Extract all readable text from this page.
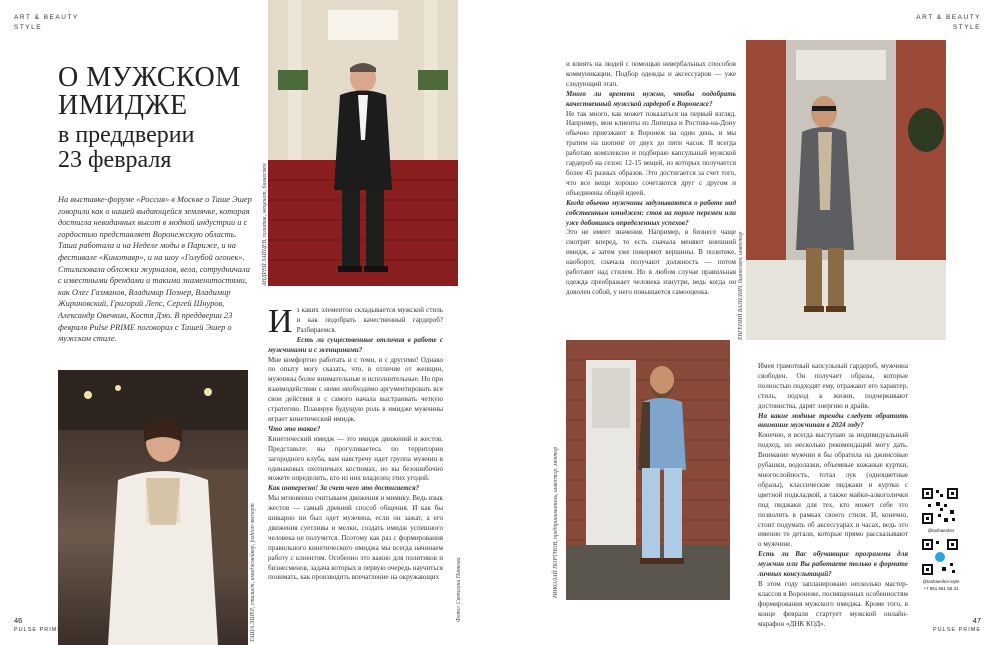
ART & BEAUTY
STYLE
ART & BEAUTY
STYLE
О МУЖСКОМ
ИМИДЖЕ
в преддверии
23 февраля
На выставке-форуме «Россия» в Москве о Таше Эшер говорили как о нашей выдающейся землячке, которая достигла невиданных высот в модной индустрии и с гордостью представляет Воронежскую область. Таша работала и на Неделе моды в Париже, и на фестивале «Кинотавр», и на шоу «Голубой огонек». Стилизовала обложки журналов, вела, сотрудничала с известными брендами и такими знаменитостями, как Олег Газманов, Владимир Познер, Владимир Жириновский, Григорий Лепс, Сергей Шнуров, Александр Овечкин, Костя Дзю. В преддверии 23 февраля Pulse PRIME поговорил с Ташей Эшер о мужском стиле.
ТАША ЭШЕР, стилист, имиджмейкер, fashion-эксперт
АНДРЕЙ ЗАЙЦЕВ, политик, меценат, бизнесмен

Из каких элементов складывается мужской стиль и как подобрать качественный гардероб? Разбираемся.

Есть ли существенные отличия в работе с мужчинами и с женщинами?

Мне комфортно работать и с теми, и с другими! Однако по опыту могу сказать, что, в отличие от женщин, мужчины более внимательные и исполнительные. Но при взаимодействии с ними необходимо аргументировать все свои действия и с самого начала выстраивать четкую стратегию. Планируя будущую роль в имидже мужчины играет кинетический имидж.

Что это такое?

Кинетический имидж — это имидж движений и жестов. Представьте: вы прогуливаетесь по территории загородного клуба, вам навстречу идет группа мужчин в одинаковых охотничьих костюмах, но вы безошибочно можете определить, кто из них владелец этих угодий.

Как интересно! За счет чего это достигается?

Мы мгновенно считываем движения и мимику. Ведь язык жестов — самый древний способ общения. И как бы шикарно ни был одет мужчина, если он зажат, а его движения суетливы и мелки, создать имидж успешного человека не получится. Поэтому как раз с формирования правильного кинетического имиджа мы всегда начинаем работу с клиентом. Особенно это важно для политиков и бизнесменов, задача которых в первую очередь научиться понимать, как производить впечатление на окружающих	Фото: Светлана Панкова

и влиять на людей с помощью невербальных способов коммуникации. Подбор одежды и аксессуаров — уже следующий этап.

Много ли времени нужно, чтобы подобрать качественный мужской гардероб в Воронеже?

Не так много, как может показаться на первый взгляд. Например, мои клиенты из Липецка и Ростова-на-Дону обычно приезжают в Воронеж на один день, и мы тратим на шопинг от двух до пяти часов. Я всегда работаю комплексно и подбираю капсульный мужской гардероб на сезон: 12-15 вещей, из которых получается более 45 разных образов. Это достигается за счет того, что все вещи хорошо сочетаются друг с другом и объединены общей идеей.

Когда обычно мужчины задумываются о работе над собственным имиджем: стоя на пороге перемен или уже добившись определенных успехов?

Это не имеет значения. Например, в бизнесе чаще смотрят вперед, то есть сначала меняют внешний имидж, а затем уже покоряют вершины. В политике, наоборот, сначала получают должность — потом работают над стилем. Но в любом случае правильная одежда преображает человека изнутри, ведь когда он доволен собой, у него повышается самооценка.

НИКОЛАЙ ПОРТНОВ, предприниматель, инвестор, ментор
ЕВГЕНИЙ ВАЗИЛИН, бизнесмен, инвестор

Имея грамотный капсульный гардероб, мужчина свободен. Он получает образы, которые полностью подходят ему, отражают его характер, стиль, подход к жизни, подчеркивают достоинства, дарят энергию и драйв.

На какие модные тренды следует обратить внимание мужчинам в 2024 году?

Конечно, я всегда выступаю за индивидуальный подход, но несколько рекомендаций могу дать. Внимание мужчин я бы обратила на джинсовые рубашки, водолазки, объемные кожаные куртки, многослойность, тотал лук (одноцветные образы), классические пиджаки и куртки с цветной подкладкой, а также майки-алкоголички под пиджаки для тех, кто может себе это позволить в рамках своего стиля. И, конечно, стоит подумать об аксессуарах и часах, ведь это именно те детали, которые прямо рассказывают о мужчине.

Есть ли Вас обучающие программы для мужчин или Вы работаете только в формате личных консультаций?

В этом году запланировано несколько мастер-классов в Воронеже, посвященных особенностям формирования мужского имиджа. Кроме того, в конце февраля стартует мужской онлайн-марафон «ДНК КОД».

@tashaesher
@tashaesher.style
+7 951 551 55 31
46
PULSE PRIME
47
PULSE PRIME
